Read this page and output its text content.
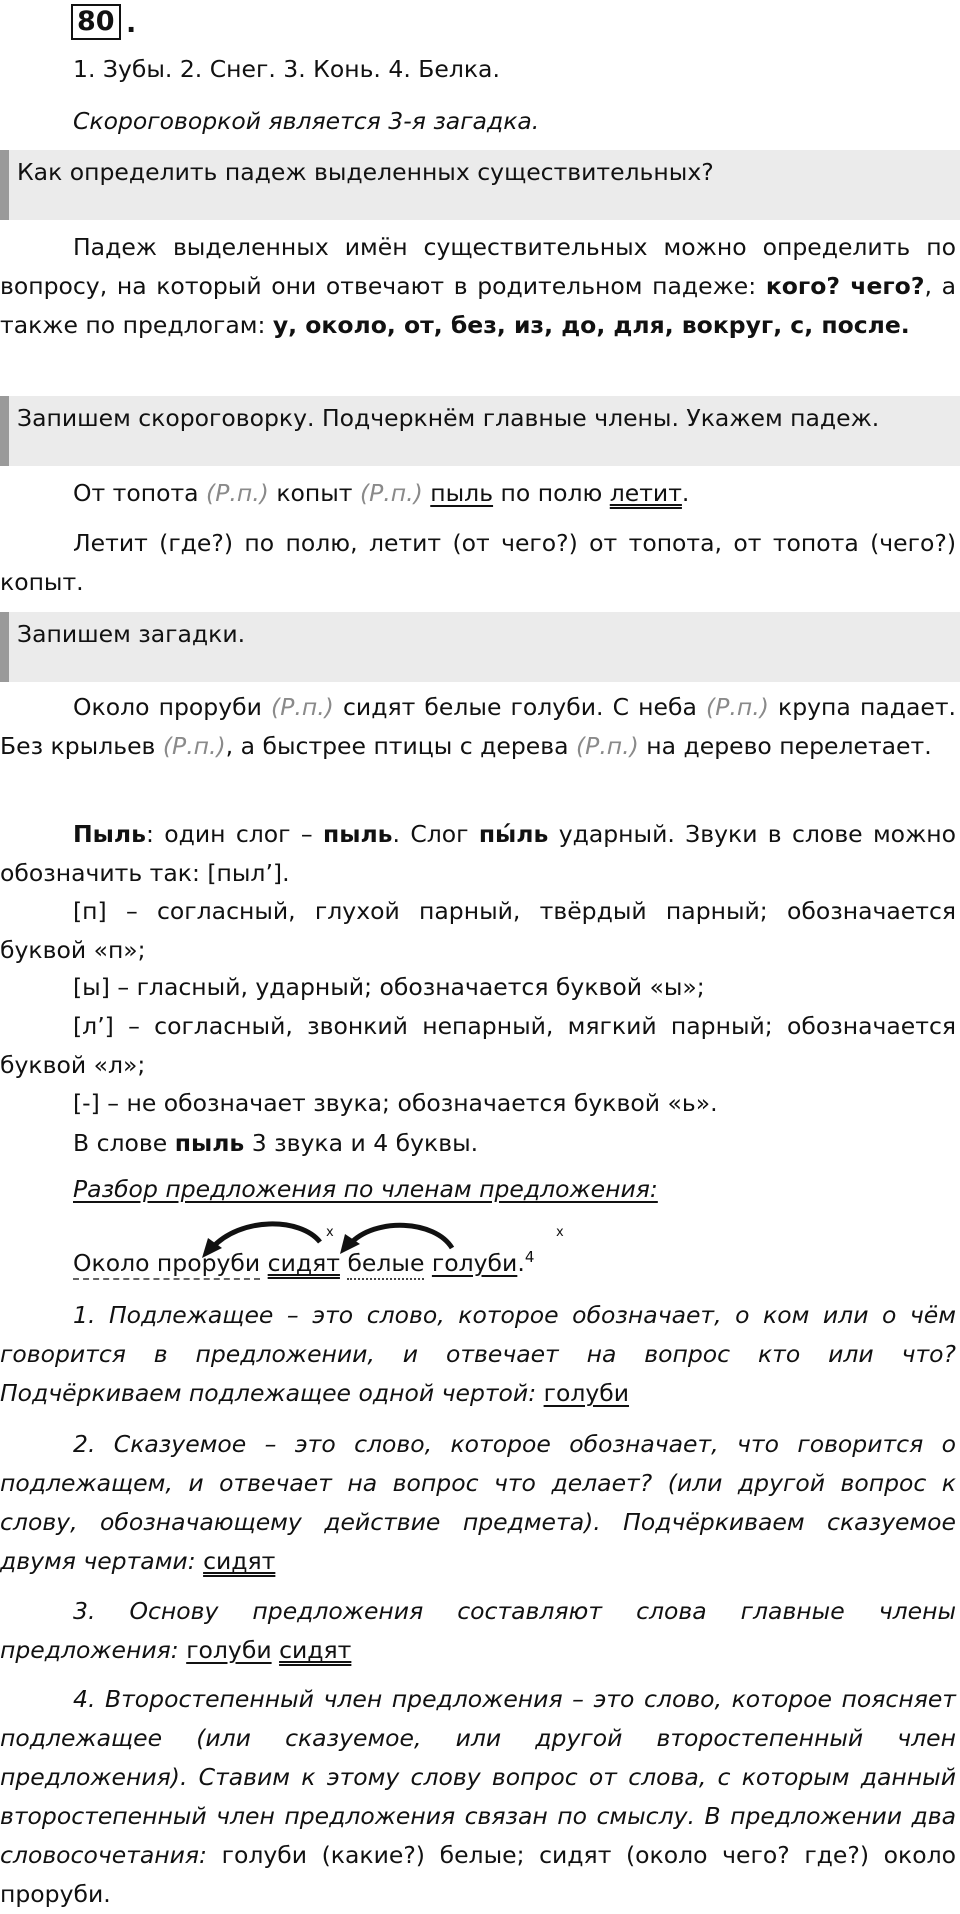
80 .
1. Зубы. 2. Снег. 3. Конь. 4. Белка.
Скороговоркой является 3-я загадка.
Как определить падеж выделенных существительных?
Падеж выделенных имён существительных можно определить по вопросу, на который они отвечают в родительном падеже: кого? чего?, а также по предлогам: у, около, от, без, из, до, для, вокруг, с, после.
Запишем скороговорку. Подчеркнём главные члены. Укажем падеж.
От топота (Р.п.) копыт (Р.п.) пыль по полю летит.
Летит (где?) по полю, летит (от чего?) от топота, от топота (чего?) копыт.
Запишем загадки.
Около проруби (Р.п.) сидят белые голуби. С неба (Р.п.) крупа падает. Без крыльев (Р.п.), а быстрее птицы с дерева (Р.п.) на дерево перелетает.
Пыль: один слог – пыль. Слог пы́ль ударный. Звуки в слове можно обозначить так: [пыл’].
[п] – согласный, глухой парный, твёрдый парный; обозначается буквой «п»;
[ы] – гласный, ударный; обозначается буквой «ы»;
[л’] – согласный, звонкий непарный, мягкий парный; обозначается буквой «л»;
[-] – не обозначает звука; обозначается буквой «ь».
В слове пыль 3 звука и 4 буквы.
Разбор предложения по членам предложения:
x	x
Около проруби сидят белые голуби.$^4$
1. Подлежащее – это слово, которое обозначает, о ком или о чём говорится в предложении, и отвечает на вопрос кто или что? Подчёркиваем подлежащее одной чертой: голуби
2. Сказуемое – это слово, которое обозначает, что говорится о подлежащем, и отвечает на вопрос что делает? (или другой вопрос к слову, обозначающему действие предмета). Подчёркиваем сказуемое двумя чертами: сидят
3. Основу предложения составляют слова главные члены предложения: голуби сидят
4. Второстепенный член предложения – это слово, которое поясняет подлежащее (или сказуемое, или другой второстепенный член предложения). Ставим к этому слову вопрос от слова, с которым данный второстепенный член предложения связан по смыслу. В предложении два словосочетания: голуби (какие?) белые; сидят (около чего? где?) около проруби.
